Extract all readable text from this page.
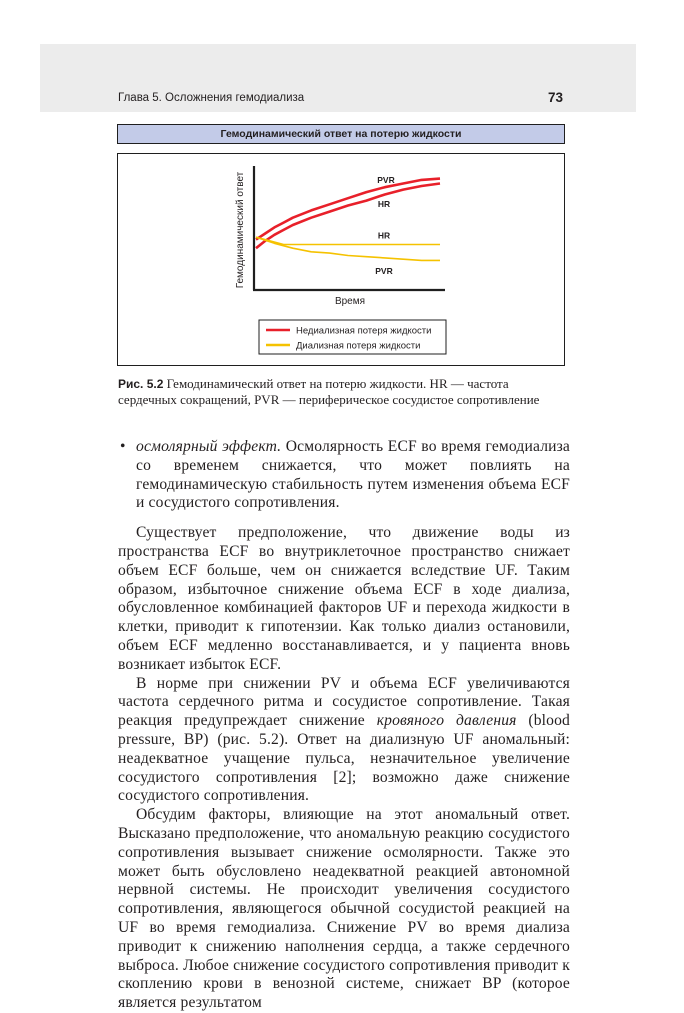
Глава 5. Осложнения гемодиализа	73
Гемодинамический ответ на потерю жидкости
Гемодинамический ответ
Время
PVR
HR
HR
PVR
Недиализная потеря жидкости
Диализная потеря жидкости
Рис. 5.2 Гемодинамический ответ на потерю жидкости. HR — частота сердечных сокращений, PVR — периферическое сосудистое сопротивление

• осмолярный эффект. Осмолярность ECF во время гемодиализа со временем снижается, что может повлиять на гемодинамическую стабильность путем изменения объема ECF и сосудистого сопротивления.

Существует предположение, что движение воды из пространства ECF во внутриклеточное пространство снижает объем ECF больше, чем он снижается вследствие UF. Таким образом, избыточное снижение объема ECF в ходе диализа, обусловленное комбинацией факторов UF и перехода жидкости в клетки, приводит к гипотензии. Как только диализ остановили, объем ECF медленно восстанавливается, и у пациента вновь возникает избыток ECF.

В норме при снижении PV и объема ECF увеличиваются частота сердечного ритма и сосудистое сопротивление. Такая реакция предупреждает снижение кровяного давления (blood pressure, BP) (рис. 5.2). Ответ на диализную UF аномальный: неадекватное учащение пульса, незначительное увеличение сосудистого сопротивления [2]; возможно даже снижение сосудистого сопротивления.

Обсудим факторы, влияющие на этот аномальный ответ. Высказано предположение, что аномальную реакцию сосудистого сопротивления вызывает снижение осмолярности. Также это может быть обусловлено неадекватной реакцией автономной нервной системы. Не происходит увеличения сосудистого сопротивления, являющегося обычной сосудистой реакцией на UF во время гемодиализа. Снижение PV во время диализа приводит к снижению наполнения сердца, а также сердечного выброса. Любое снижение сосудистого сопротивления приводит к скоплению крови в венозной системе, снижает BP (которое является результатом
